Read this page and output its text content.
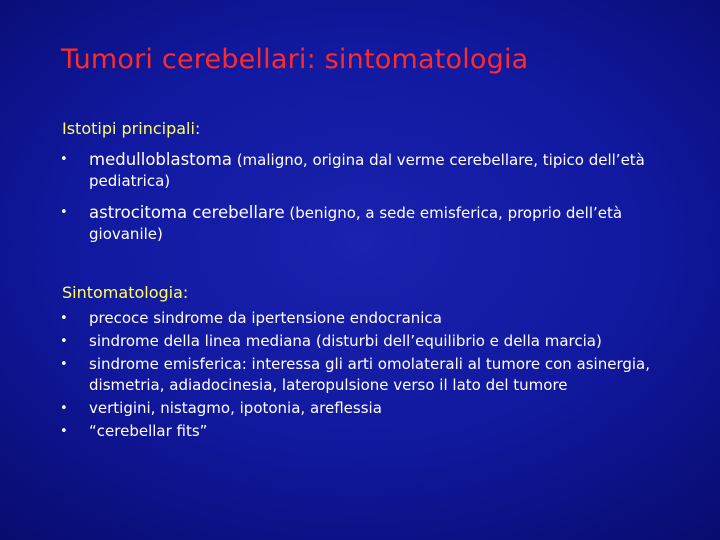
Tumori cerebellari: sintomatologia
Istotipi principali:
• medulloblastoma (maligno, origina dal verme cerebellare, tipico dell’età pediatrica)
• astrocitoma cerebellare (benigno, a sede emisferica, proprio dell’età giovanile)
Sintomatologia:
• precoce sindrome da ipertensione endocranica
• sindrome della linea mediana (disturbi dell’equilibrio e della marcia)
• sindrome emisferica: interessa gli arti omolaterali al tumore con asinergia, dismetria, adiadocinesia, lateropulsione verso il lato del tumore
• vertigini, nistagmo, ipotonia, areflessia
• “cerebellar fits”
